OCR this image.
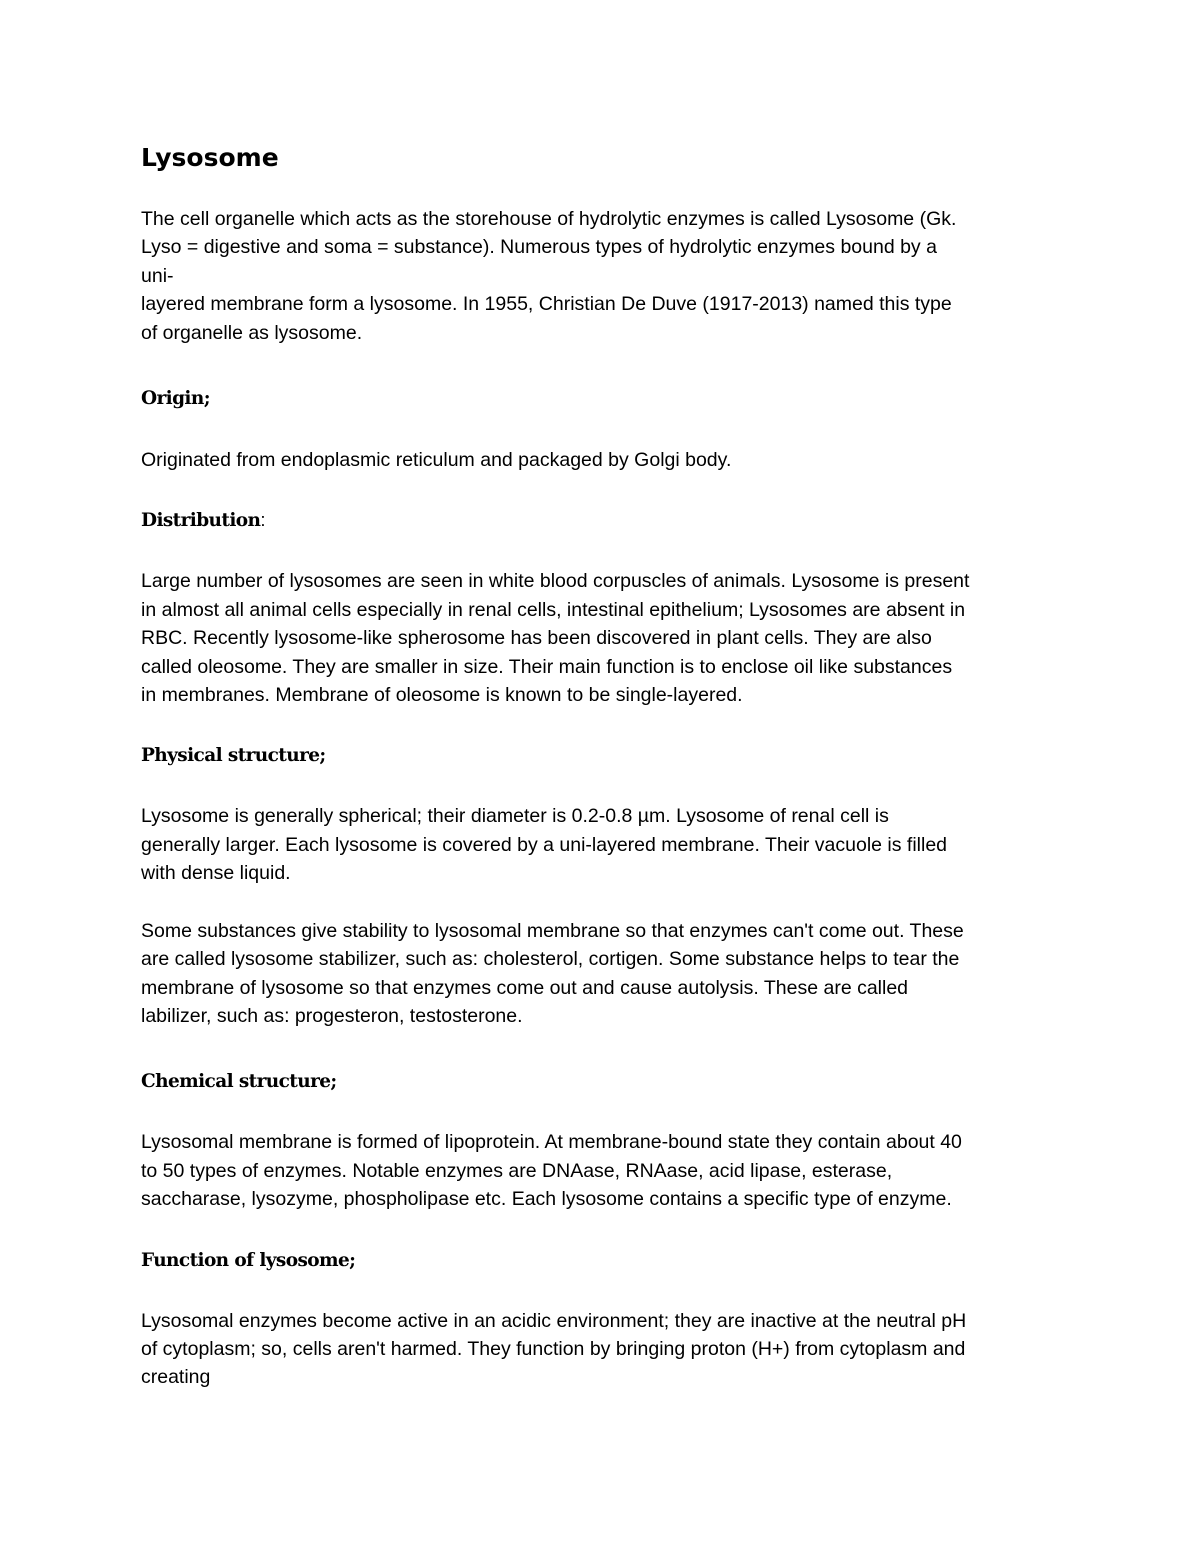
Lysosome

The cell organelle which acts as the storehouse of hydrolytic enzymes is called Lysosome (Gk.
Lyso = digestive and soma = substance). Numerous types of hydrolytic enzymes bound by a
uni-
layered membrane form a lysosome. In 1955, Christian De Duve (1917-2013) named this type
of organelle as lysosome.

Origin;

Originated from endoplasmic reticulum and packaged by Golgi body.

Distribution:

Large number of lysosomes are seen in white blood corpuscles of animals. Lysosome is present
in almost all animal cells especially in renal cells, intestinal epithelium; Lysosomes are absent in
RBC. Recently lysosome-like spherosome has been discovered in plant cells. They are also
called oleosome. They are smaller in size. Their main function is to enclose oil like substances
in membranes. Membrane of oleosome is known to be single-layered.

Physical structure;

Lysosome is generally spherical; their diameter is 0.2-0.8 µm. Lysosome of renal cell is
generally larger. Each lysosome is covered by a uni-layered membrane. Their vacuole is filled
with dense liquid.

Some substances give stability to lysosomal membrane so that enzymes can't come out. These
are called lysosome stabilizer, such as: cholesterol, cortigen. Some substance helps to tear the
membrane of lysosome so that enzymes come out and cause autolysis. These are called
labilizer, such as: progesteron, testosterone.

Chemical structure;

Lysosomal membrane is formed of lipoprotein. At membrane-bound state they contain about 40
to 50 types of enzymes. Notable enzymes are DNAase, RNAase, acid lipase, esterase,
saccharase, lysozyme, phospholipase etc. Each lysosome contains a specific type of enzyme.

Function of lysosome;

Lysosomal enzymes become active in an acidic environment; they are inactive at the neutral pH
of cytoplasm; so, cells aren't harmed. They function by bringing proton (H+) from cytoplasm and
creating
